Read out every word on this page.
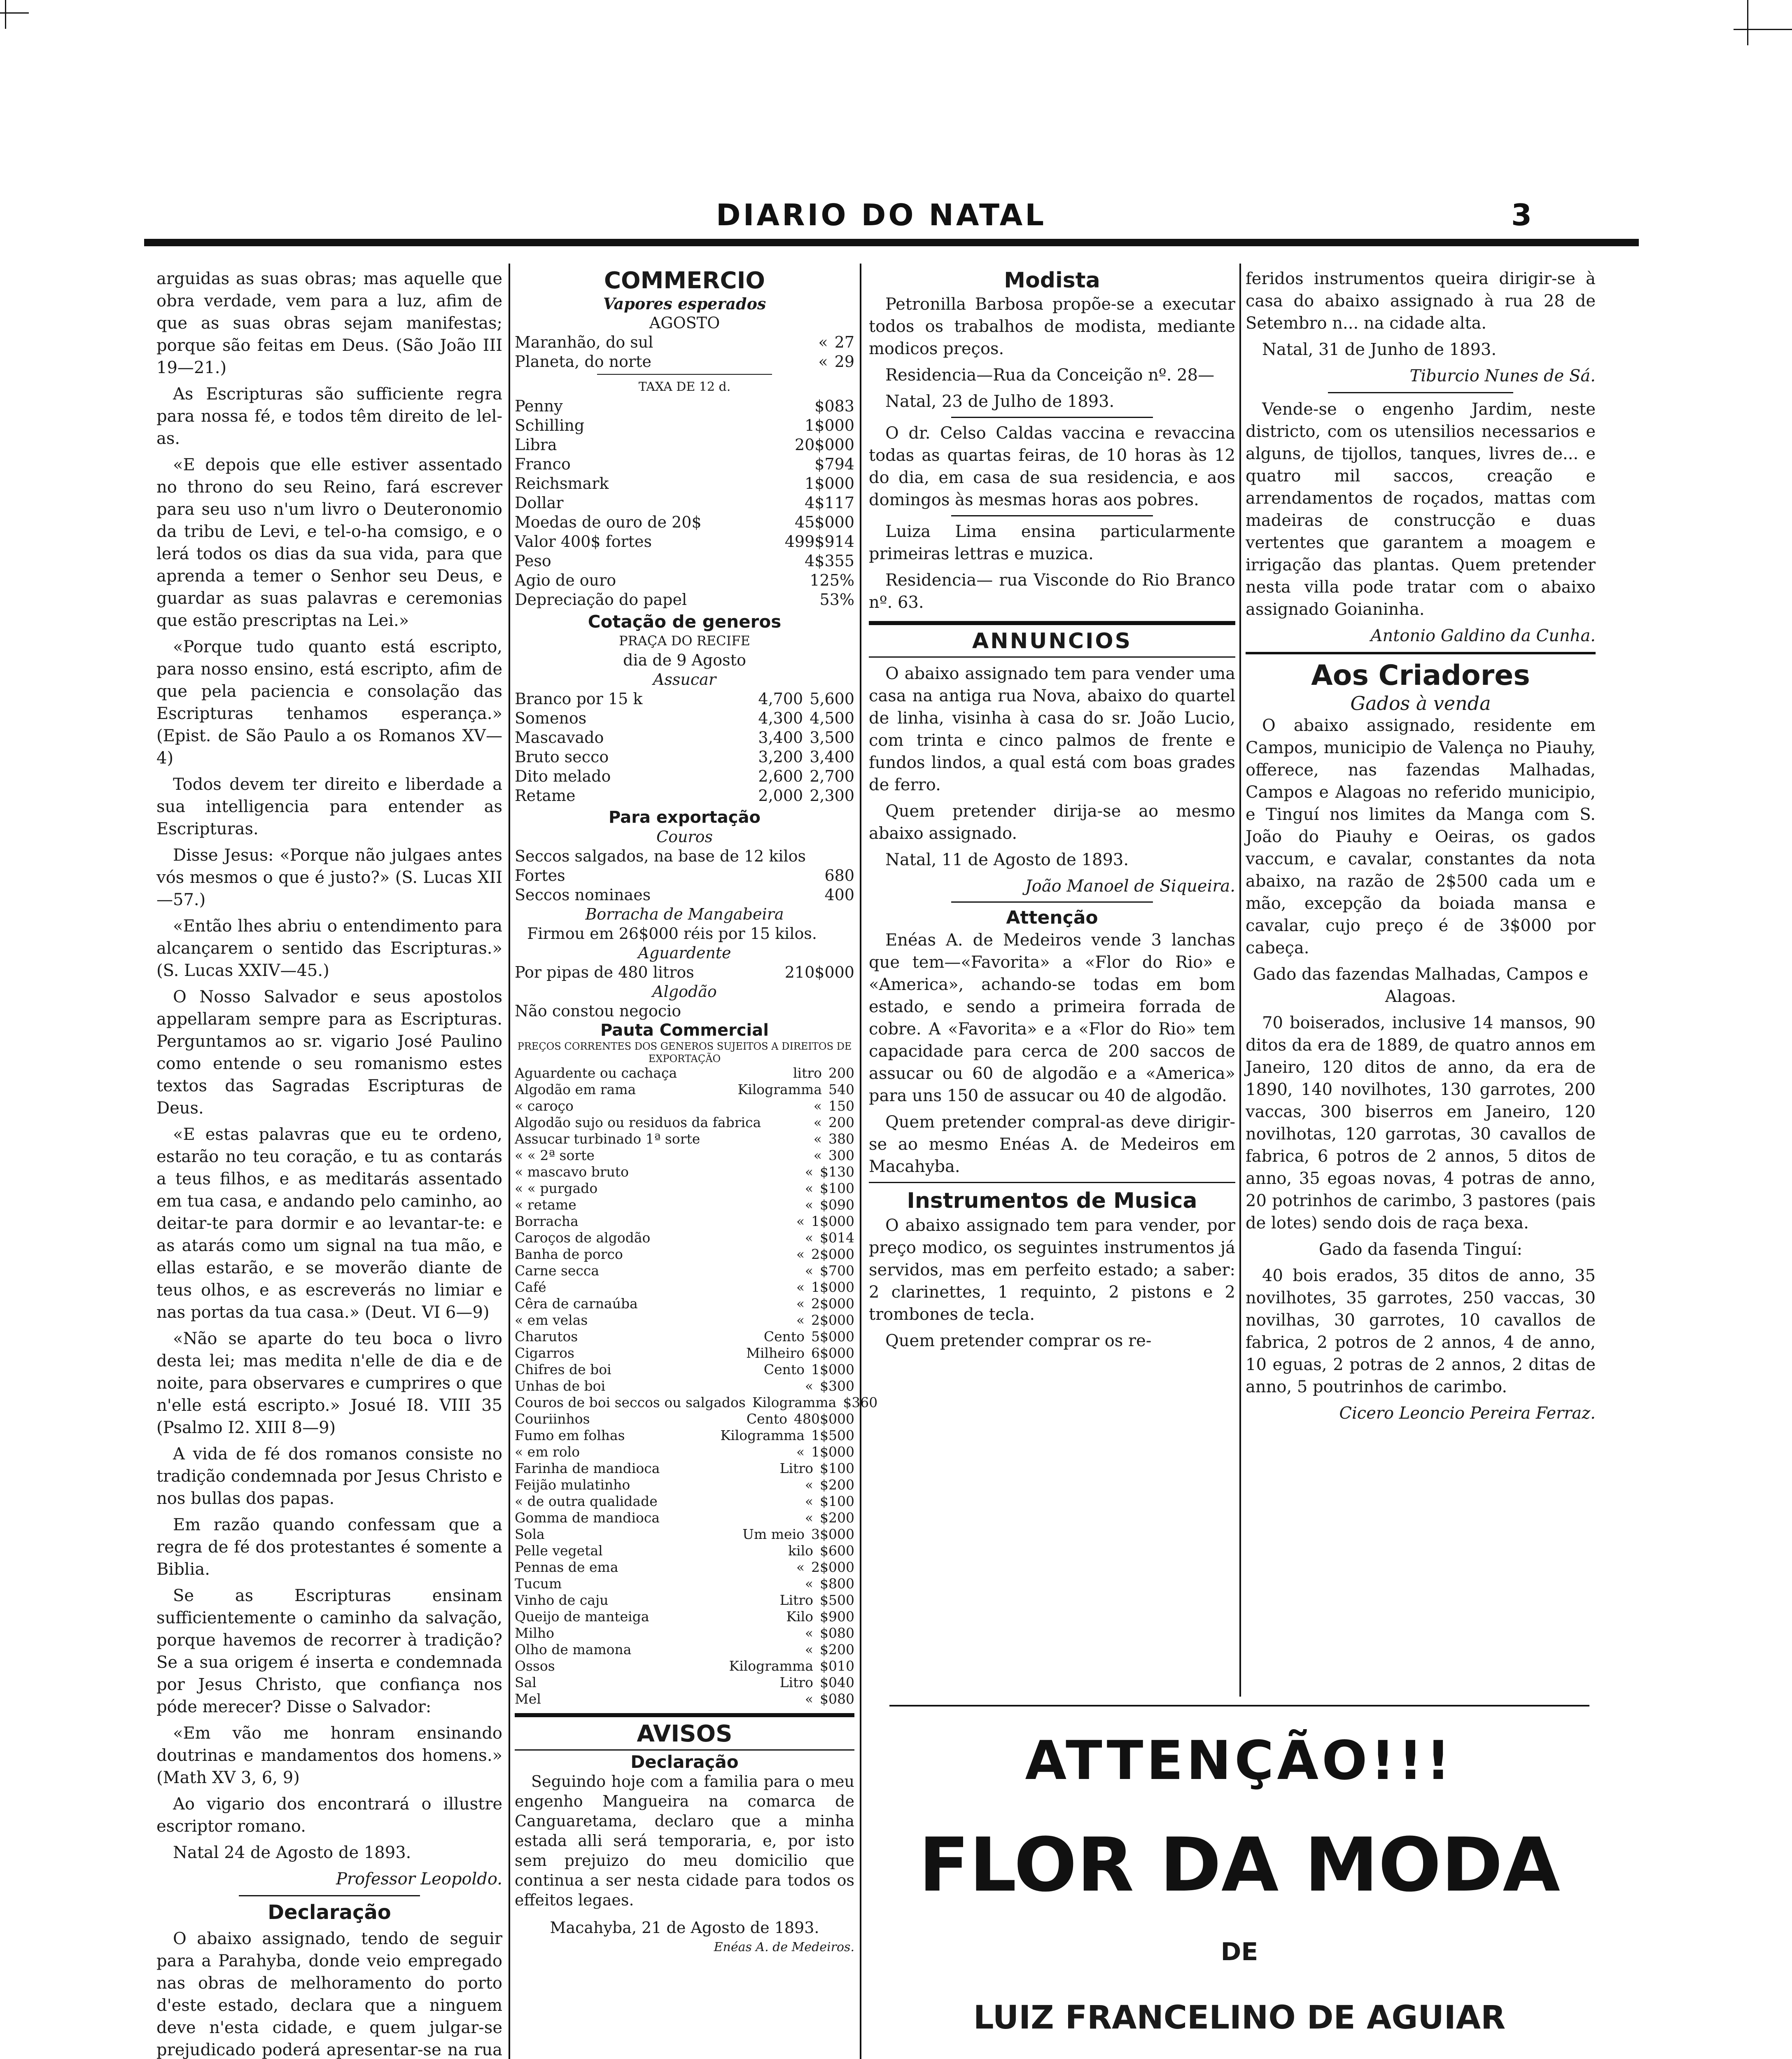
DIARIO DO NATAL	3

arguidas as suas obras; mas aquelle que obra verdade, vem para a luz, afim de que as suas obras sejam manifestas; porque são feitas em Deus. (São João III 19—21.)

As Escripturas são sufficiente regra para nossa fé, e todos têm direito de lel-as.

«E depois que elle estiver assentado no throno do seu Reino, fará escrever para seu uso n'um livro o Deuteronomio da tribu de Levi, e tel-o-ha comsigo, e o lerá todos os dias da sua vida, para que aprenda a temer o Senhor seu Deus, e guardar as suas palavras e ceremonias que estão prescriptas na Lei.»

«Porque tudo quanto está escripto, para nosso ensino, está escripto, afim de que pela paciencia e consolação das Escripturas tenhamos esperança.» (Epist. de São Paulo a os Romanos XV—4)

Todos devem ter direito e liberdade a sua intelligencia para entender as Escripturas.

Disse Jesus: «Porque não julgaes antes vós mesmos o que é justo?» (S. Lucas XII—57.)

«Então lhes abriu o entendimento para alcançarem o sentido das Escripturas.» (S. Lucas XXIV—45.)

O Nosso Salvador e seus apostolos appellaram sempre para as Escripturas. Perguntamos ao sr. vigario José Paulino como entende o seu romanismo estes textos das Sagradas Escripturas de Deus.

«E estas palavras que eu te ordeno, estarão no teu coração, e tu as contarás a teus filhos, e as meditarás assentado em tua casa, e andando pelo caminho, ao deitar-te para dormir e ao levantar-te: e as atarás como um signal na tua mão, e ellas estarão, e se moverão diante de teus olhos, e as escreverás no limiar e nas portas da tua casa.» (Deut. VI 6—9)

«Não se aparte do teu boca o livro desta lei; mas medita n'elle de dia e de noite, para observares e cumprires o que n'elle está escripto.» Josué I8. VIII 35 (Psalmo I2. XIII 8—9)

A vida de fé dos romanos consiste no tradição condemnada por Jesus Christo e nos bullas dos papas.

Em razão quando confessam que a regra de fé dos protestantes é somente a Biblia.

Se as Escripturas ensinam sufficientemente o caminho da salvação, porque havemos de recorrer à tradição? Se a sua origem é inserta e condemnada por Jesus Christo, que confiança nos póde merecer? Disse o Salvador:

«Em vão me honram ensinando doutrinas e mandamentos dos homens.» (Math XV 3, 6, 9)

Ao vigario dos encontrará o illustre escriptor romano.

Natal 24 de Agosto de 1893.

Professor Leopoldo.

Declaração

O abaixo assignado, tendo de seguir para a Parahyba, donde veio empregado nas obras de melhoramento do porto d'este estado, declara que a ninguem deve n'esta cidade, e quem julgar-se prejudicado poderá apresentar-se na rua

COMMERCIO
Vapores esperados
AGOSTO
Maranhão, do sul	« 27
Planeta, do norte	« 29
TAXA DE 12 d.
Penny	$083
Schilling	1$000
Libra	20$000
Franco	$794
Reichsmark	1$000
Dollar	4$117
Moedas de ouro de 20$	45$000
Valor 400$ fortes	499$914
Peso	4$355
Agio de ouro	125%
Depreciação do papel	53%
Cotação de generos
PRAÇA DO RECIFE
dia de 9 Agosto
Assucar
Branco por 15 k	4,700 5,600
Somenos	4,300 4,500
Mascavado	3,400 3,500
Bruto secco	3,200 3,400
Dito melado	2,600 2,700
Retame	2,000 2,300
Para exportação
Couros
Seccos salgados, na base de 12 kilos
Fortes	680
Seccos nominaes	400
Borracha de Mangabeira
Firmou em 26$000 réis por 15 kilos.
Aguardente
Por pipas de 480 litros	210$000
Algodão
Não constou negocio
Pauta Commercial
PREÇOS CORRENTES DOS GENEROS SUJEITOS A DIREITOS DE EXPORTAÇÃO
Aguardente ou cachaça	litro 200
Algodão em rama	Kilogramma 540
« caroço	« 150
Algodão sujo ou residuos da fabrica	« 200
Assucar turbinado 1ª sorte	« 380
« « 2ª sorte	« 300
« mascavo bruto	« $130
« « purgado	« $100
« retame	« $090
Borracha	« 1$000
Caroços de algodão	« $014
Banha de porco	« 2$000
Carne secca	« $700
Café	« 1$000
Cêra de carnaúba	« 2$000
« em velas	« 2$000
Charutos	Cento 5$000
Cigarros	Milheiro 6$000
Chifres de boi	Cento 1$000
Unhas de boi	« $300
Couros de boi seccos ou salgados Kilogramma $360
Couriinhos	Cento 480$000
Fumo em folhas	Kilogramma 1$500
« em rolo	« 1$000
Farinha de mandioca	Litro $100
Feijão mulatinho	« $200
« de outra qualidade	« $100
Gomma de mandioca	« $200
Sola	Um meio 3$000
Pelle vegetal	kilo $600
Pennas de ema	« 2$000
Tucum	« $800
Vinho de caju	Litro $500
Queijo de manteiga	Kilo $900
Milho	« $080
Olho de mamona	« $200
Ossos	Kilogramma $010
Sal	Litro $040
Mel	« $080
AVISOS
Declaração
Seguindo hoje com a familia para o meu engenho Mangueira na comarca de Canguaretama, declaro que a minha estada alli será temporaria, e, por isto sem prejuizo do meu domicilio que continua a ser nesta cidade para todos os effeitos legaes.
Macahyba, 21 de Agosto de 1893.
Enéas A. de Medeiros.
Modista

Petronilla Barbosa propõe-se a executar todos os trabalhos de modista, mediante modicos preços.

Residencia—Rua da Conceição nº. 28—

Natal, 23 de Julho de 1893.

O dr. Celso Caldas vaccina e revaccina todas as quartas feiras, de 10 horas às 12 do dia, em casa de sua residencia, e aos domingos às mesmas horas aos pobres.

Luiza Lima ensina particularmente primeiras lettras e muzica.

Residencia— rua Visconde do Rio Branco nº. 63.

ANNUNCIOS

O abaixo assignado tem para vender uma casa na antiga rua Nova, abaixo do quartel de linha, visinha à casa do sr. João Lucio, com trinta e cinco palmos de frente e fundos lindos, a qual está com boas grades de ferro.

Quem pretender dirija-se ao mesmo abaixo assignado.

Natal, 11 de Agosto de 1893.

João Manoel de Siqueira.

Attenção

Enéas A. de Medeiros vende 3 lanchas que tem—«Favorita» a «Flor do Rio» e «America», achando-se todas em bom estado, e sendo a primeira forrada de cobre. A «Favorita» e a «Flor do Rio» tem capacidade para cerca de 200 saccos de assucar ou 60 de algodão e a «America» para uns 150 de assucar ou 40 de algodão.

Quem pretender compral-as deve dirigir-se ao mesmo Enéas A. de Medeiros em Macahyba.

Instrumentos de Musica

O abaixo assignado tem para vender, por preço modico, os seguintes instrumentos já servidos, mas em perfeito estado; a saber: 2 clarinettes, 1 requinto, 2 pistons e 2 trombones de tecla.

Quem pretender comprar os re-

feridos instrumentos queira dirigir-se à casa do abaixo assignado à rua 28 de Setembro n... na cidade alta.

Natal, 31 de Junho de 1893.

Tiburcio Nunes de Sá.

Vende-se o engenho Jardim, neste districto, com os utensilios necessarios e alguns, de tijollos, tanques, livres de... e quatro mil saccos, creação e arrendamentos de roçados, mattas com madeiras de construcção e duas vertentes que garantem a moagem e irrigação das plantas. Quem pretender nesta villa pode tratar com o abaixo assignado Goianinha.

Antonio Galdino da Cunha.

Aos Criadores
Gados à venda

O abaixo assignado, residente em Campos, municipio de Valença no Piauhy, offerece, nas fazendas Malhadas, Campos e Alagoas no referido municipio, e Tinguí nos limites da Manga com S. João do Piauhy e Oeiras, os gados vaccum, e cavalar, constantes da nota abaixo, na razão de 2$500 cada um e mão, excepção da boiada mansa e cavalar, cujo preço é de 3$000 por cabeça.

Gado das fazendas Malhadas, Campos e Alagoas.

70 boiserados, inclusive 14 mansos, 90 ditos da era de 1889, de quatro annos em Janeiro, 120 ditos de anno, da era de 1890, 140 novilhotes, 130 garrotes, 200 vaccas, 300 biserros em Janeiro, 120 novilhotas, 120 garrotas, 30 cavallos de fabrica, 6 potros de 2 annos, 5 ditos de anno, 35 egoas novas, 4 potras de anno, 20 potrinhos de carimbo, 3 pastores (pais de lotes) sendo dois de raça bexa.

Gado da fasenda Tinguí:

40 bois erados, 35 ditos de anno, 35 novilhotes, 35 garrotes, 250 vaccas, 30 novilhas, 30 garrotes, 10 cavallos de fabrica, 2 potros de 2 annos, 4 de anno, 10 eguas, 2 potras de 2 annos, 2 ditas de anno, 5 poutrinhos de carimbo.

Cicero Leoncio Pereira Ferraz.

ATTENÇÃO!!!
FLOR DA MODA
DE
LUIZ FRANCELINO DE AGUIAR
